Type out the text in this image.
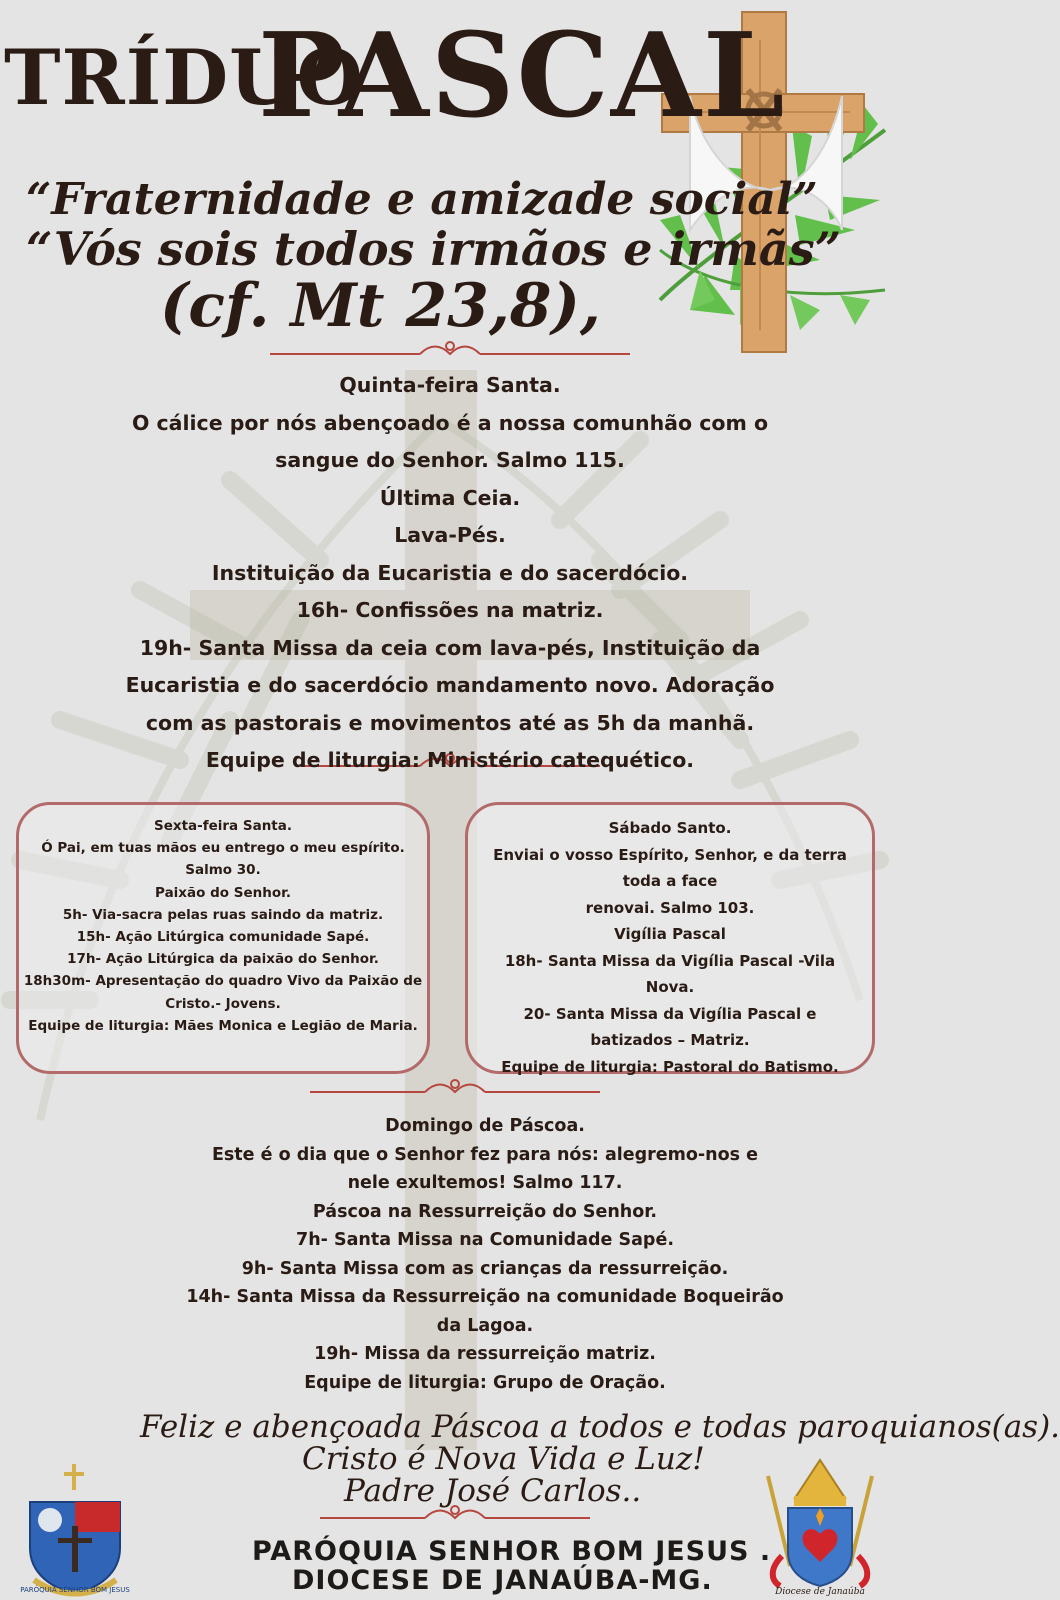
TRÍDUO
PASCAL
“Fraternidade e amizade social”
“Vós sois todos irmãos e irmãs”
(cf. Mt 23,8),
Quinta-feira Santa.
O cálice por nós abençoado é a nossa comunhão com o
sangue do Senhor. Salmo 115.
Última Ceia.
Lava-Pés.
Instituição da Eucaristia e do sacerdócio.
16h- Confissões na matriz.
19h- Santa Missa da ceia com lava-pés, Instituição da
Eucaristia e do sacerdócio mandamento novo. Adoração
com as pastorais e movimentos até as 5h da manhã.
Equipe de liturgia: Ministério catequético.
Sexta-feira Santa.
Ó Pai, em tuas mãos eu entrego o meu espírito.
Salmo 30.
Paixão do Senhor.
5h- Via-sacra pelas ruas saindo da matriz.
15h- Ação Litúrgica comunidade Sapé.
17h- Ação Litúrgica da paixão do Senhor.
18h30m- Apresentação do quadro Vivo da Paixão de
Cristo.- Jovens.
Equipe de liturgia: Mães Monica e Legião de Maria.
Sábado Santo.
Enviai o vosso Espírito, Senhor, e da terra
toda a face
renovai. Salmo 103.
Vigília Pascal
18h- Santa Missa da Vigília Pascal -Vila
Nova.
20- Santa Missa da Vigília Pascal e
batizados – Matriz.
Equipe de liturgia: Pastoral do Batismo.
Domingo de Páscoa.
Este é o dia que o Senhor fez para nós: alegremo-nos e
nele exultemos! Salmo 117.
Páscoa na Ressurreição do Senhor.
7h- Santa Missa na Comunidade Sapé.
9h- Santa Missa com as crianças da ressurreição.
14h- Santa Missa da Ressurreição na comunidade Boqueirão
da Lagoa.
19h- Missa da ressurreição matriz.
Equipe de liturgia: Grupo de Oração.
Feliz e abençoada Páscoa a todos e todas paroquianos(as).
Cristo é Nova Vida e Luz!
Padre José Carlos..
PARÓQUIA SENHOR BOM JESUS .
DIOCESE DE JANAÚBA-MG.
PARÓQUIA SENHOR BOM JESUS	Diocese de Janaúba
